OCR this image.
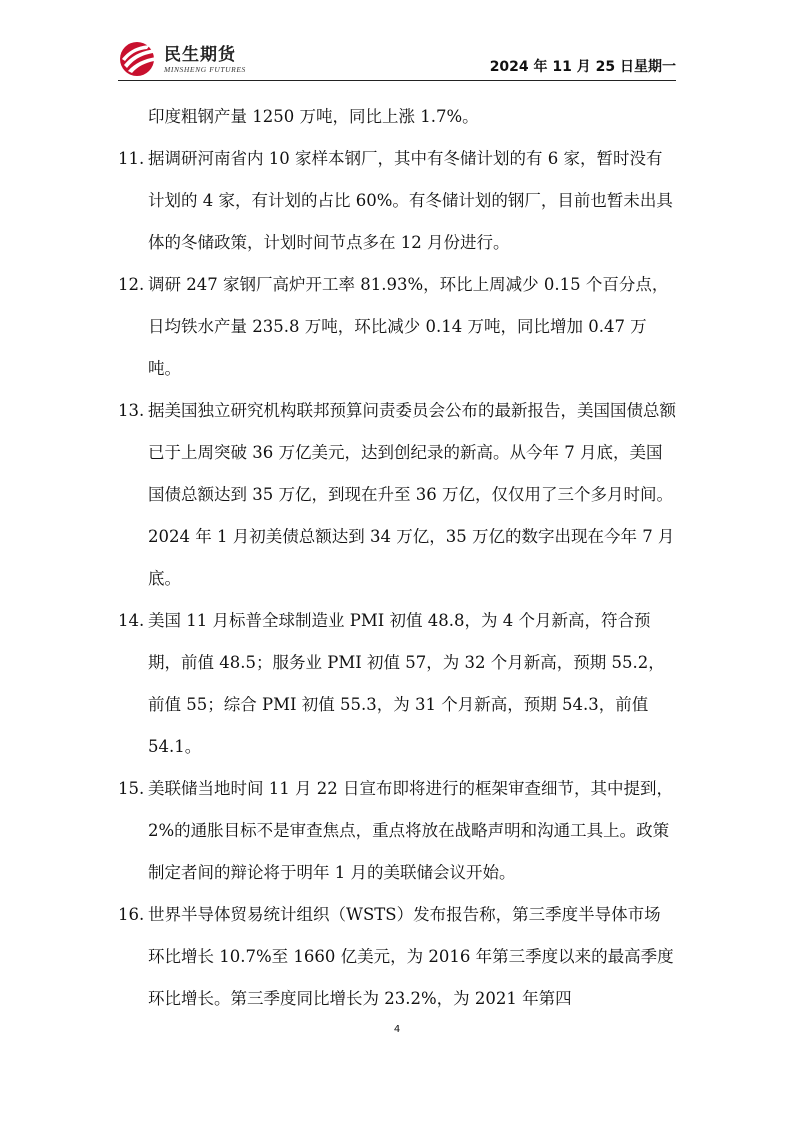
民生期货
MINSHENG FUTURES	2024 年 11 月 25 日星期一

印度粗钢产量 1250 万吨，同比上涨 1.7%。

11. 据调研河南省内 10 家样本钢厂，其中有冬储计划的有 6 家，暂时没有计划的 4 家，有计划的占比 60%。有冬储计划的钢厂，目前也暂未出具体的冬储政策，计划时间节点多在 12 月份进行。

12. 调研 247 家钢厂高炉开工率 81.93%，环比上周减少 0.15 个百分点，日均铁水产量 235.8 万吨，环比减少 0.14 万吨，同比增加 0.47 万吨。

13. 据美国独立研究机构联邦预算问责委员会公布的最新报告，美国国债总额已于上周突破 36 万亿美元，达到创纪录的新高。从今年 7 月底，美国国债总额达到 35 万亿，到现在升至 36 万亿，仅仅用了三个多月时间。2024 年 1 月初美债总额达到 34 万亿，35 万亿的数字出现在今年 7 月底。

14. 美国 11 月标普全球制造业 PMI 初值 48.8，为 4 个月新高，符合预期，前值 48.5；服务业 PMI 初值 57，为 32 个月新高，预期 55.2，前值 55；综合 PMI 初值 55.3，为 31 个月新高，预期 54.3，前值 54.1。

15. 美联储当地时间 11 月 22 日宣布即将进行的框架审查细节，其中提到，2%的通胀目标不是审查焦点，重点将放在战略声明和沟通工具上。政策制定者间的辩论将于明年 1 月的美联储会议开始。

16. 世界半导体贸易统计组织（WSTS）发布报告称，第三季度半导体市场环比增长 10.7%至 1660 亿美元，为 2016 年第三季度以来的最高季度环比增长。第三季度同比增长为 23.2%，为 2021 年第四

4
